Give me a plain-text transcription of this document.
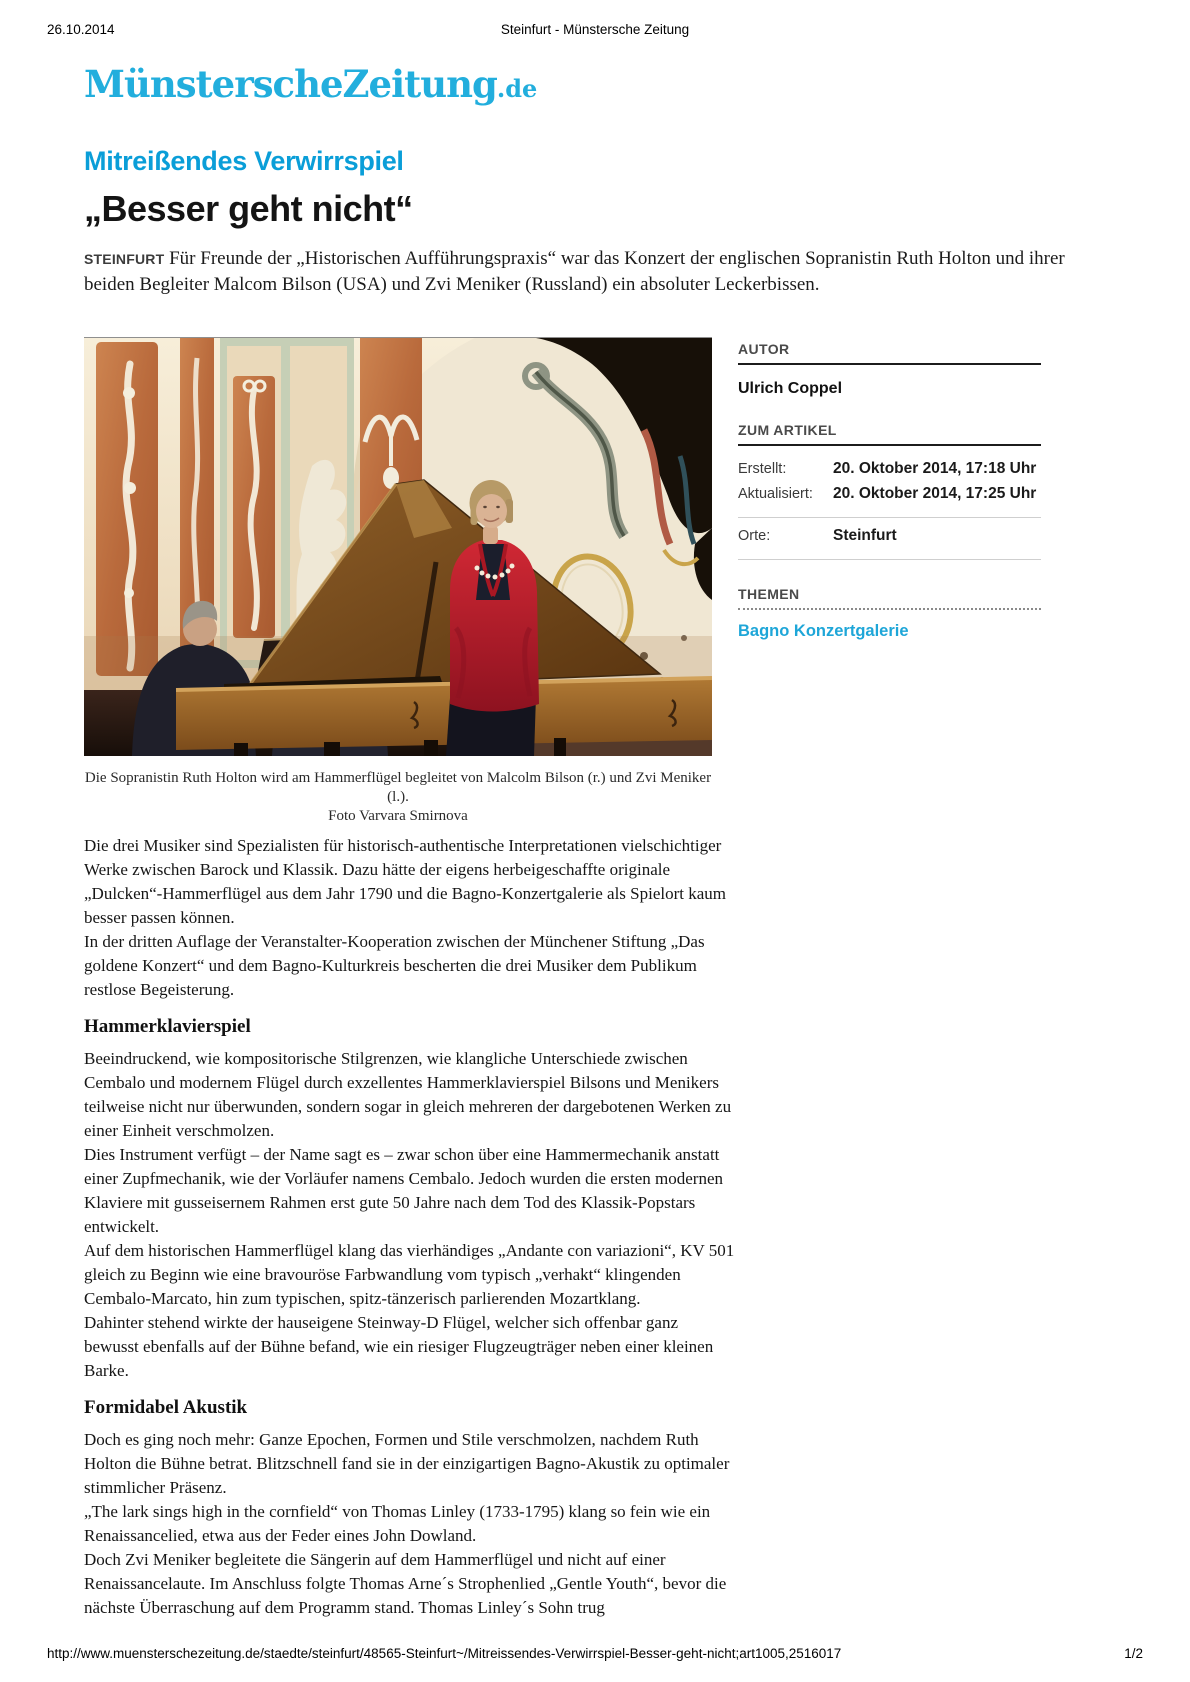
26.10.2014	Steinfurt - Münstersche Zeitung
MünsterscheZeitung.de
Mitreißendes Verwirrspiel
„Besser geht nicht“

STEINFURT Für Freunde der „Historischen Aufführungspraxis“ war das Konzert der englischen Sopranistin Ruth Holton und ihrer beiden Begleiter Malcom Bilson (USA) und Zvi Meniker (Russland) ein absoluter Leckerbissen.

Die Sopranistin Ruth Holton wird am Hammerflügel begleitet von Malcolm Bilson (r.) und Zvi Meniker (l.).
Foto Varvara Smirnova
AUTOR
Ulrich Coppel
ZUM ARTIKEL
Erstellt:	20. Oktober 2014, 17:18 Uhr
Aktualisiert:	20. Oktober 2014, 17:25 Uhr
Orte:	Steinfurt
THEMEN
Bagno Konzertgalerie

Die drei Musiker sind Spezialisten für historisch-authentische Interpretationen vielschichtiger Werke zwischen Barock und Klassik. Dazu hätte der eigens herbeigeschaffte originale „Dulcken“-Hammerflügel aus dem Jahr 1790 und die Bagno-Konzertgalerie als Spielort kaum besser passen können.

In der dritten Auflage der Veranstalter-Kooperation zwischen der Münchener Stiftung „Das goldene Konzert“ und dem Bagno-Kulturkreis bescherten die drei Musiker dem Publikum restlose Begeisterung.

Hammerklavierspiel

Beeindruckend, wie kompositorische Stilgrenzen, wie klangliche Unterschiede zwischen Cembalo und modernem Flügel durch exzellentes Hammerklavierspiel Bilsons und Menikers teilweise nicht nur überwunden, sondern sogar in gleich mehreren der dargebotenen Werken zu einer Einheit verschmolzen.

Dies Instrument verfügt – der Name sagt es – zwar schon über eine Hammermechanik anstatt einer Zupfmechanik, wie der Vorläufer namens Cembalo. Jedoch wurden die ersten modernen Klaviere mit gusseisernem Rahmen erst gute 50 Jahre nach dem Tod des Klassik-Popstars entwickelt.

Auf dem historischen Hammerflügel klang das vierhändiges „Andante con variazioni“, KV 501 gleich zu Beginn wie eine bravouröse Farbwandlung vom typisch „verhakt“ klingenden Cembalo-Marcato, hin zum typischen, spitz-tänzerisch parlierenden Mozartklang.

Dahinter stehend wirkte der hauseigene Steinway-D Flügel, welcher sich offenbar ganz bewusst ebenfalls auf der Bühne befand, wie ein riesiger Flugzeugträger neben einer kleinen Barke.

Formidabel Akustik

Doch es ging noch mehr: Ganze Epochen, Formen und Stile verschmolzen, nachdem Ruth Holton die Bühne betrat. Blitzschnell fand sie in der einzigartigen Bagno-Akustik zu optimaler stimmlicher Präsenz.

„The lark sings high in the cornfield“ von Thomas Linley (1733-1795) klang so fein wie ein Renaissancelied, etwa aus der Feder eines John Dowland.

Doch Zvi Meniker begleitete die Sängerin auf dem Hammerflügel und nicht auf einer Renaissancelaute. Im Anschluss folgte Thomas Arne´s Strophenlied „Gentle Youth“, bevor die nächste Überraschung auf dem Programm stand. Thomas Linley´s Sohn trug

http://www.muensterschezeitung.de/staedte/steinfurt/48565-Steinfurt~/Mitreissendes-Verwirrspiel-Besser-geht-nicht;art1005,2516017	1/2
